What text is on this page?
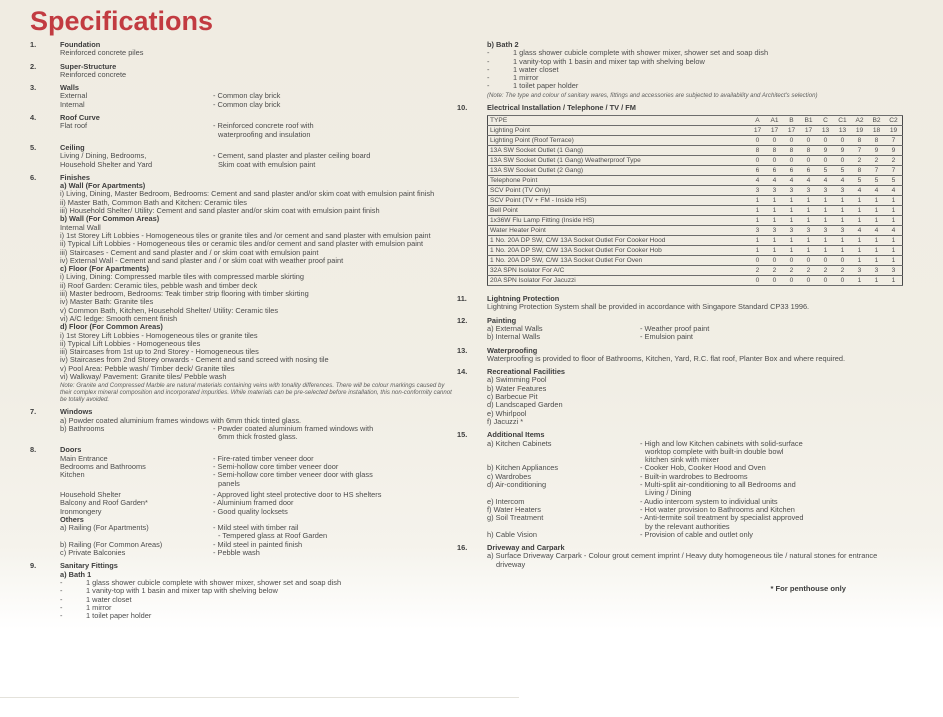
Specifications
1.	Foundation
Reinforced concrete piles
2.	Super-Structure
Reinforced concrete
3.	Walls
External	- Common clay brick
Internal	- Common clay brick
4.	Roof Curve
Flat roof	- Reinforced concrete roof with
waterproofing and insulation
5.	Ceiling
Living / Dining, Bedrooms,
Household Shelter and Yard
- Cement, sand plaster and plaster ceiling board
Skim coat with emulsion paint
6.	Finishes
a) Wall (For Apartments)
i) Living, Dining, Master Bedroom, Bedrooms: Cement and sand plaster and/or skim coat with emulsion paint finish
ii) Master Bath, Common Bath and Kitchen: Ceramic tiles
iii) Household Shelter/ Utility: Cement and sand plaster and/or skim coat with emulsion paint finish
b) Wall (For Common Areas)
Internal Wall
i) 1st Storey Lift Lobbies - Homogeneous tiles or granite tiles and /or cement and sand plaster with emulsion paint
ii) Typical Lift Lobbies - Homogeneous tiles or ceramic tiles and/or cement and sand plaster with emulsion paint
iii) Staircases - Cement and sand plaster and / or skim coat with emulsion paint
iv) External Wall - Cement and sand plaster and / or skim coat with weather proof paint
c) Floor (For Apartments)
i) Living, Dining: Compressed marble tiles with compressed marble skirting
ii) Roof Garden: Ceramic tiles, pebble wash and timber deck
iii) Master bedroom, Bedrooms: Teak timber strip flooring with timber skirting
iv) Master Bath: Granite tiles
v) Common Bath, Kitchen, Household Shelter/ Utility: Ceramic tiles
vi) A/C ledge: Smooth cement finish
d) Floor (For Common Areas)
i) 1st Storey Lift Lobbies - Homogeneous tiles or granite tiles
ii) Typical Lift Lobbies - Homogeneous tiles
iii) Staircases from 1st up to 2nd Storey - Homogeneous tiles
iv) Staircases from 2nd Storey onwards - Cement and sand screed with nosing tile
v) Pool Area: Pebble wash/ Timber deck/ Granite tiles
vi) Walkway/ Pavement: Granite tiles/ Pebble wash
Note: Granite and Compressed Marble are natural materials containing veins with tonality differences. There will be colour markings caused by their complex mineral composition and incorporated impurities. While materials can be pre-selected before installation, this non-conformity cannot be totally avoided.
7.	Windows
a) Powder coated aluminium frames windows with 6mm thick tinted glass.
b) Bathrooms	- Powder coated aluminium framed windows with
6mm thick frosted glass.
8.	Doors
Main Entrance	- Fire-rated timber veneer door
Bedrooms and Bathrooms	- Semi-hollow core timber veneer door
Kitchen	- Semi-hollow core timber veneer door with glass
panels
Household Shelter	- Approved light steel protective door to HS shelters
Balcony and Roof Garden*	- Aluminium framed door
Ironmongery	- Good quality locksets
Others
a) Railing (For Apartments)	- Mild steel with timber rail
- Tempered glass at Roof Garden
b) Railing (For Common Areas)	- Mild steel in painted finish
c) Private Balconies	- Pebble wash
9.	Sanitary Fittings
a) Bath 1
-	1 glass shower cubicle complete with shower mixer, shower set and soap dish
-	1 vanity-top with 1 basin and mixer tap with shelving below
-	1 water closet
-	1 mirror
-	1 toilet paper holder
b) Bath 2
-	1 glass shower cubicle complete with shower mixer, shower set and soap dish
-	1 vanity-top with 1 basin and mixer tap with shelving below
-	1 water closet
-	1 mirror
-	1 toilet paper holder
(Note: The type and colour of sanitary wares, fittings and accessories are subjected to availability and Architect's selection)
10.	Electrical Installation / Telephone / TV / FM
TYPE	A	A1	B	B1	C	C1	A2	B2	C2
Lighting Point	17	17	17	17	13	13	19	18	19
Lighting Point (Roof Terrace)	0	0	0	0	0	0	8	8	7
13A SW Socket Outlet (1 Gang)	8	8	8	8	9	9	7	9	9
13A SW Socket Outlet (1 Gang) Weatherproof Type	0	0	0	0	0	0	2	2	2
13A SW Socket Outlet (2 Gang)	6	6	6	6	5	5	8	7	7
Telephone Point	4	4	4	4	4	4	5	5	5
SCV Point (TV Only)	3	3	3	3	3	3	4	4	4
SCV Point (TV + FM - Inside HS)	1	1	1	1	1	1	1	1	1
Bell Point	1	1	1	1	1	1	1	1	1
1x36W Flu Lamp Fitting (Inside HS)	1	1	1	1	1	1	1	1	1
Water Heater Point	3	3	3	3	3	3	4	4	4
1 No. 20A DP SW, C/W 13A Socket Outlet For Cooker Hood	1	1	1	1	1	1	1	1	1
1 No. 20A DP SW, C/W 13A Socket Outlet For Cooker Hob	1	1	1	1	1	1	1	1	1
1 No. 20A DP SW, C/W 13A Socket Outlet For Oven	0	0	0	0	0	0	1	1	1
32A SPN Isolator For A/C	2	2	2	2	2	2	3	3	3
20A SPN Isolator For Jacuzzi	0	0	0	0	0	0	1	1	1
11.	Lightning Protection
Lightning Protection System shall be provided in accordance with Singapore Standard CP33 1996.
12.	Painting
a) External Walls	- Weather proof paint
b) Internal Walls	- Emulsion paint
13.	Waterproofing
Waterproofing is provided to floor of Bathrooms, Kitchen, Yard, R.C. flat roof, Planter Box and where required.
14.	Recreational Facilities
a) Swimming Pool
b) Water Features
c) Barbecue Pit
d) Landscaped Garden
e) Whirlpool
f) Jacuzzi *
15.	Additional Items
a) Kitchen Cabinets	- High and low Kitchen cabinets with solid-surface
worktop complete with built-in double bowl
kitchen sink with mixer
b) Kitchen Appliances	- Cooker Hob, Cooker Hood and Oven
c) Wardrobes	- Built-in wardrobes to Bedrooms
d) Air-conditioning	- Multi-split air-conditioning to all Bedrooms and
Living / Dining
e) Intercom	- Audio intercom system to individual units
f) Water Heaters	- Hot water provision to Bathrooms and Kitchen
g) Soil Treatment	- Anti-termite soil treatment by specialist approved
by the relevant authorities
h) Cable Vision	- Provision of cable and outlet only
16.	Driveway and Carpark
a) Surface Driveway Carpark - Colour grout cement imprint / Heavy duty homogeneous tile / natural stones for entrance driveway
* For penthouse only
